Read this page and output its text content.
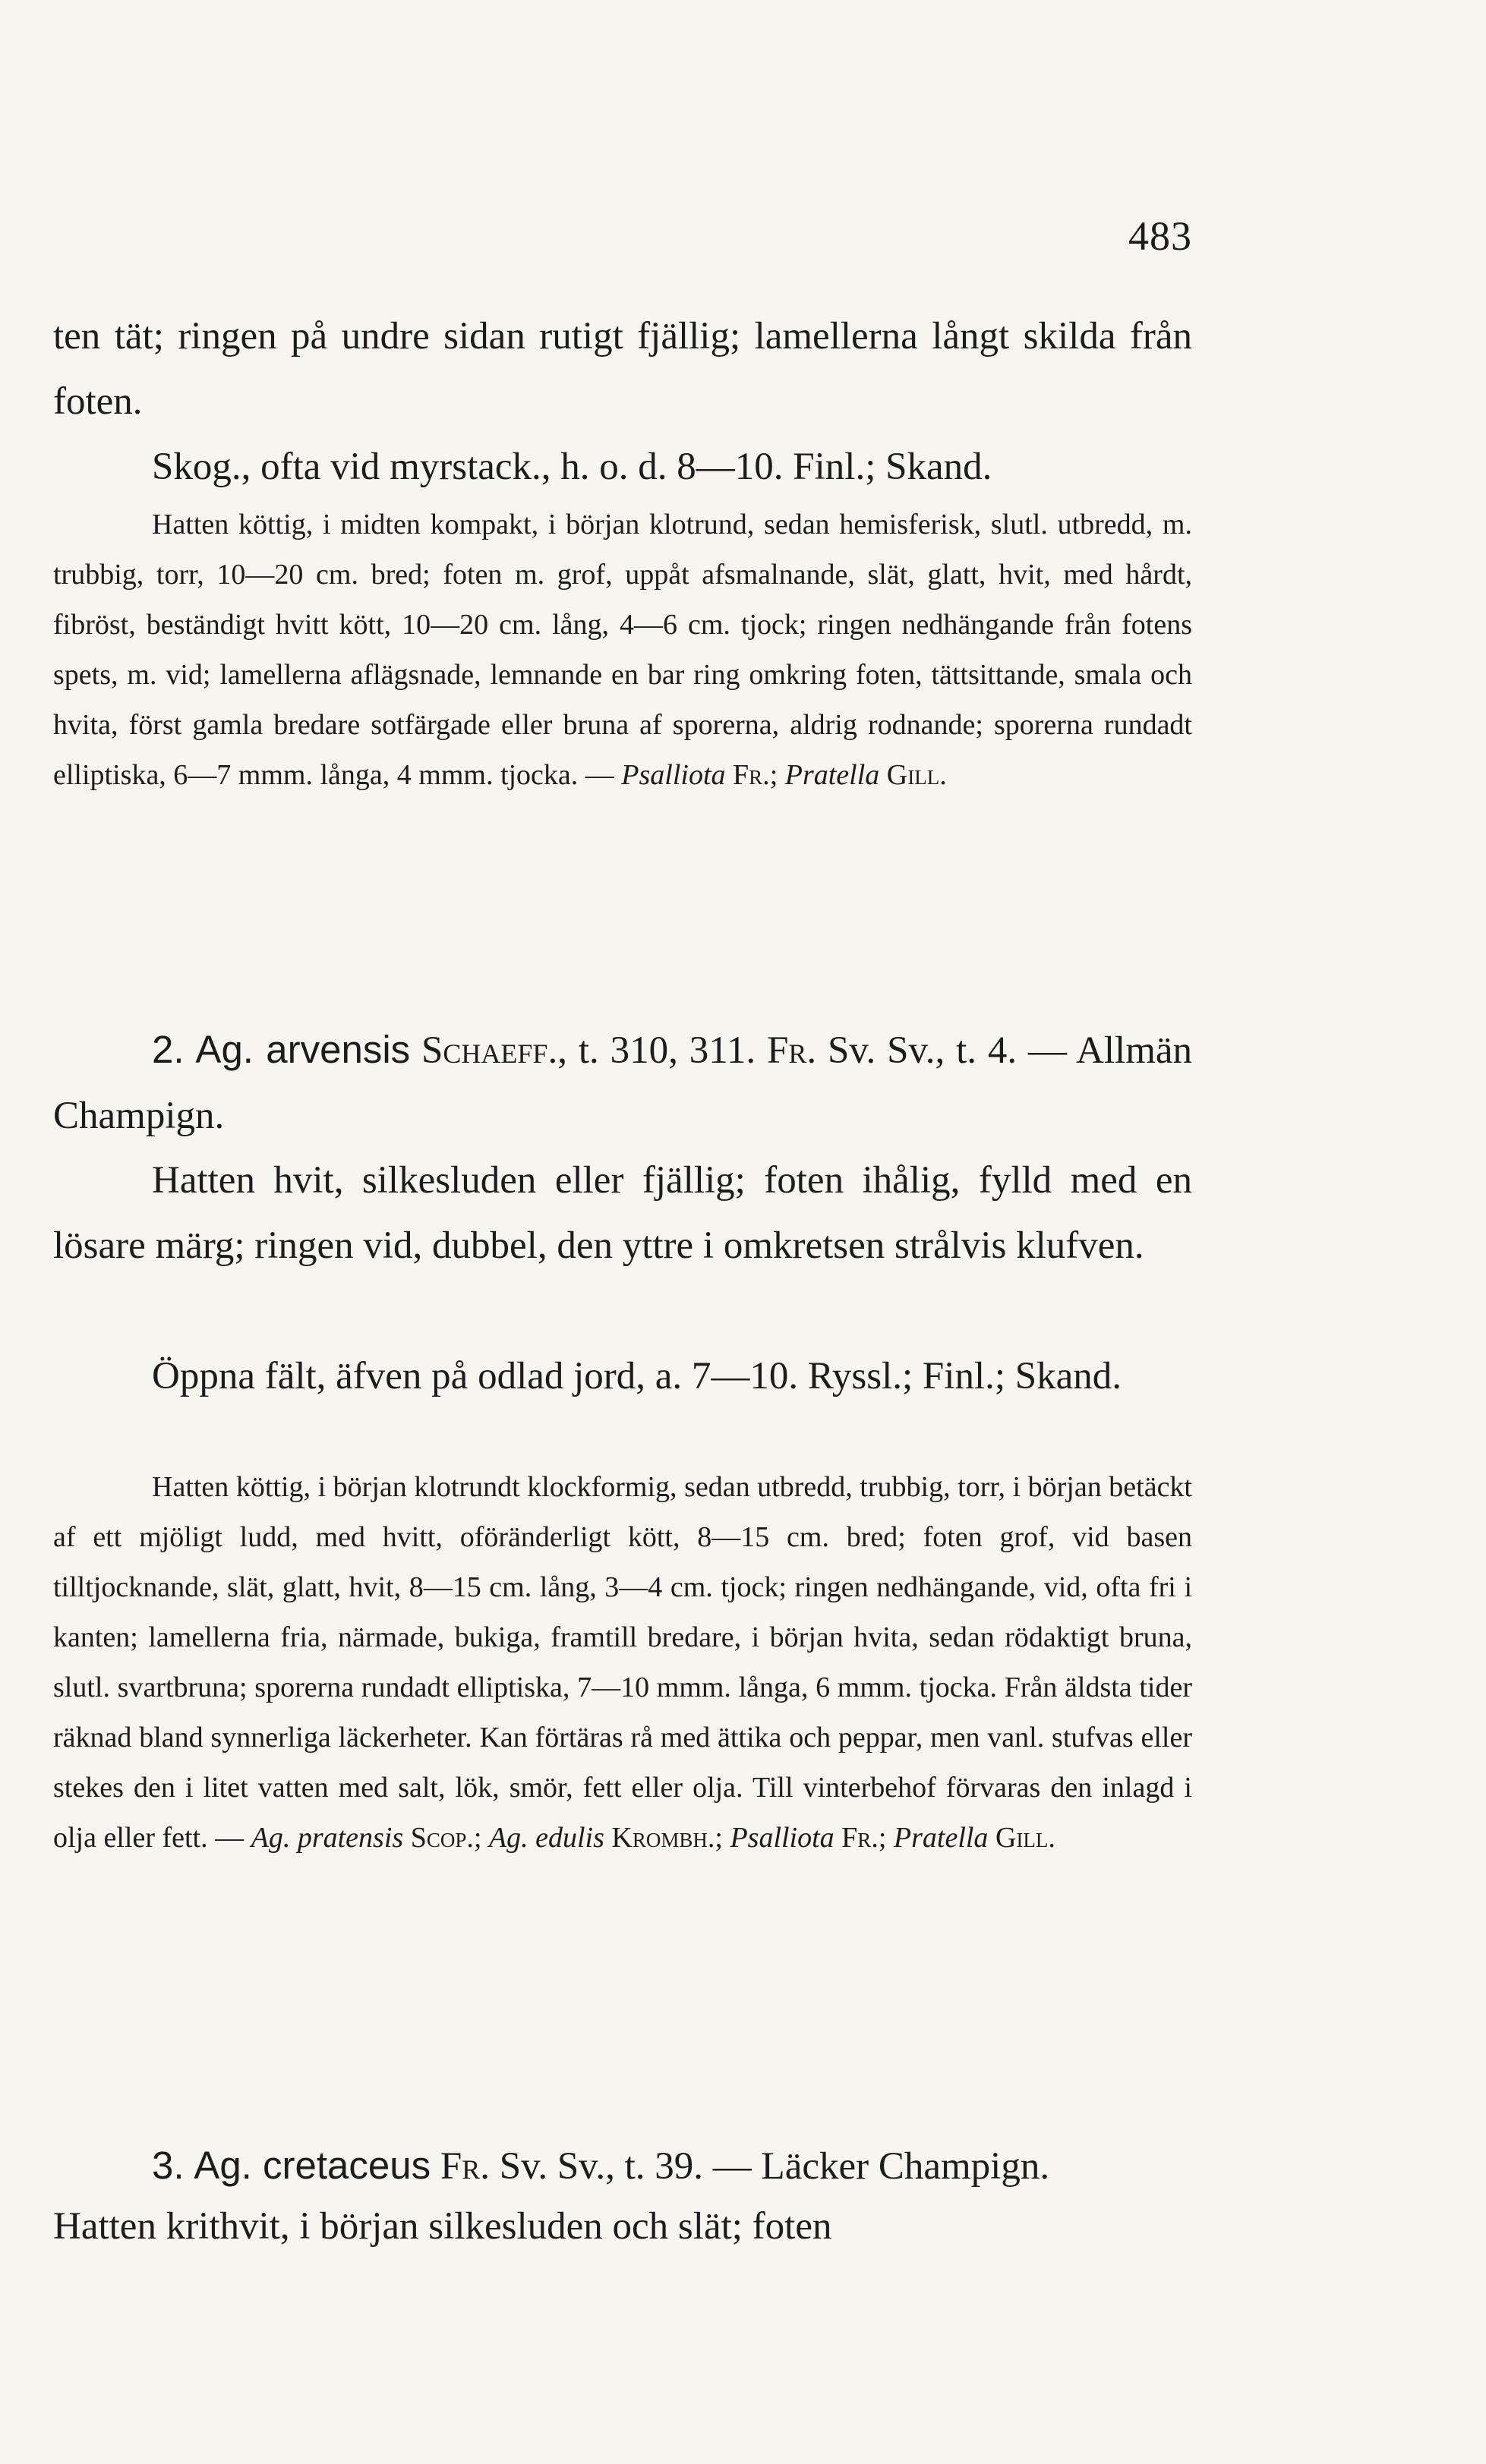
483

ten tät; ringen på undre sidan rutigt fjällig; lamellerna långt skilda från foten.

Skog., ofta vid myrstack., h. o. d. 8—10. Finl.; Skand.

Hatten köttig, i midten kompakt, i början klotrund, sedan hemisferisk, slutl. utbredd, m. trubbig, torr, 10—20 cm. bred; foten m. grof, uppåt afsmalnande, slät, glatt, hvit, med hårdt, fibröst, beständigt hvitt kött, 10—20 cm. lång, 4—6 cm. tjock; ringen nedhängande från fotens spets, m. vid; lamellerna aflägsnade, lemnande en bar ring omkring foten, tättsittande, smala och hvita, först gamla bredare sotfärgade eller bruna af sporerna, aldrig rodnande; sporerna rundadt elliptiska, 6—7 mmm. långa, 4 mmm. tjocka. — Psalliota Fr.; Pratella Gill.

2. Ag. arvensis Schaeff., t. 310, 311. Fr. Sv. Sv., t. 4. — Allmän Champign.

Hatten hvit, silkesluden eller fjällig; foten ihålig, fylld med en lösare märg; ringen vid, dubbel, den yttre i omkretsen strålvis klufven.

Öppna fält, äfven på odlad jord, a. 7—10. Ryssl.; Finl.; Skand.

Hatten köttig, i början klotrundt klockformig, sedan utbredd, trubbig, torr, i början betäckt af ett mjöligt ludd, med hvitt, oföränderligt kött, 8—15 cm. bred; foten grof, vid basen tilltjocknande, slät, glatt, hvit, 8—15 cm. lång, 3—4 cm. tjock; ringen nedhängande, vid, ofta fri i kanten; lamellerna fria, närmade, bukiga, framtill bredare, i början hvita, sedan rödaktigt bruna, slutl. svartbruna; sporerna rundadt elliptiska, 7—10 mmm. långa, 6 mmm. tjocka. Från äldsta tider räknad bland synnerliga läckerheter. Kan förtäras rå med ättika och peppar, men vanl. stufvas eller stekes den i litet vatten med salt, lök, smör, fett eller olja. Till vinterbehof förvaras den inlagd i olja eller fett. — Ag. pratensis Scop.; Ag. edulis Krombh.; Psalliota Fr.; Pratella Gill.

3. Ag. cretaceus Fr. Sv. Sv., t. 39. — Läcker Champign.

Hatten krithvit, i början silkesluden och slät; foten
